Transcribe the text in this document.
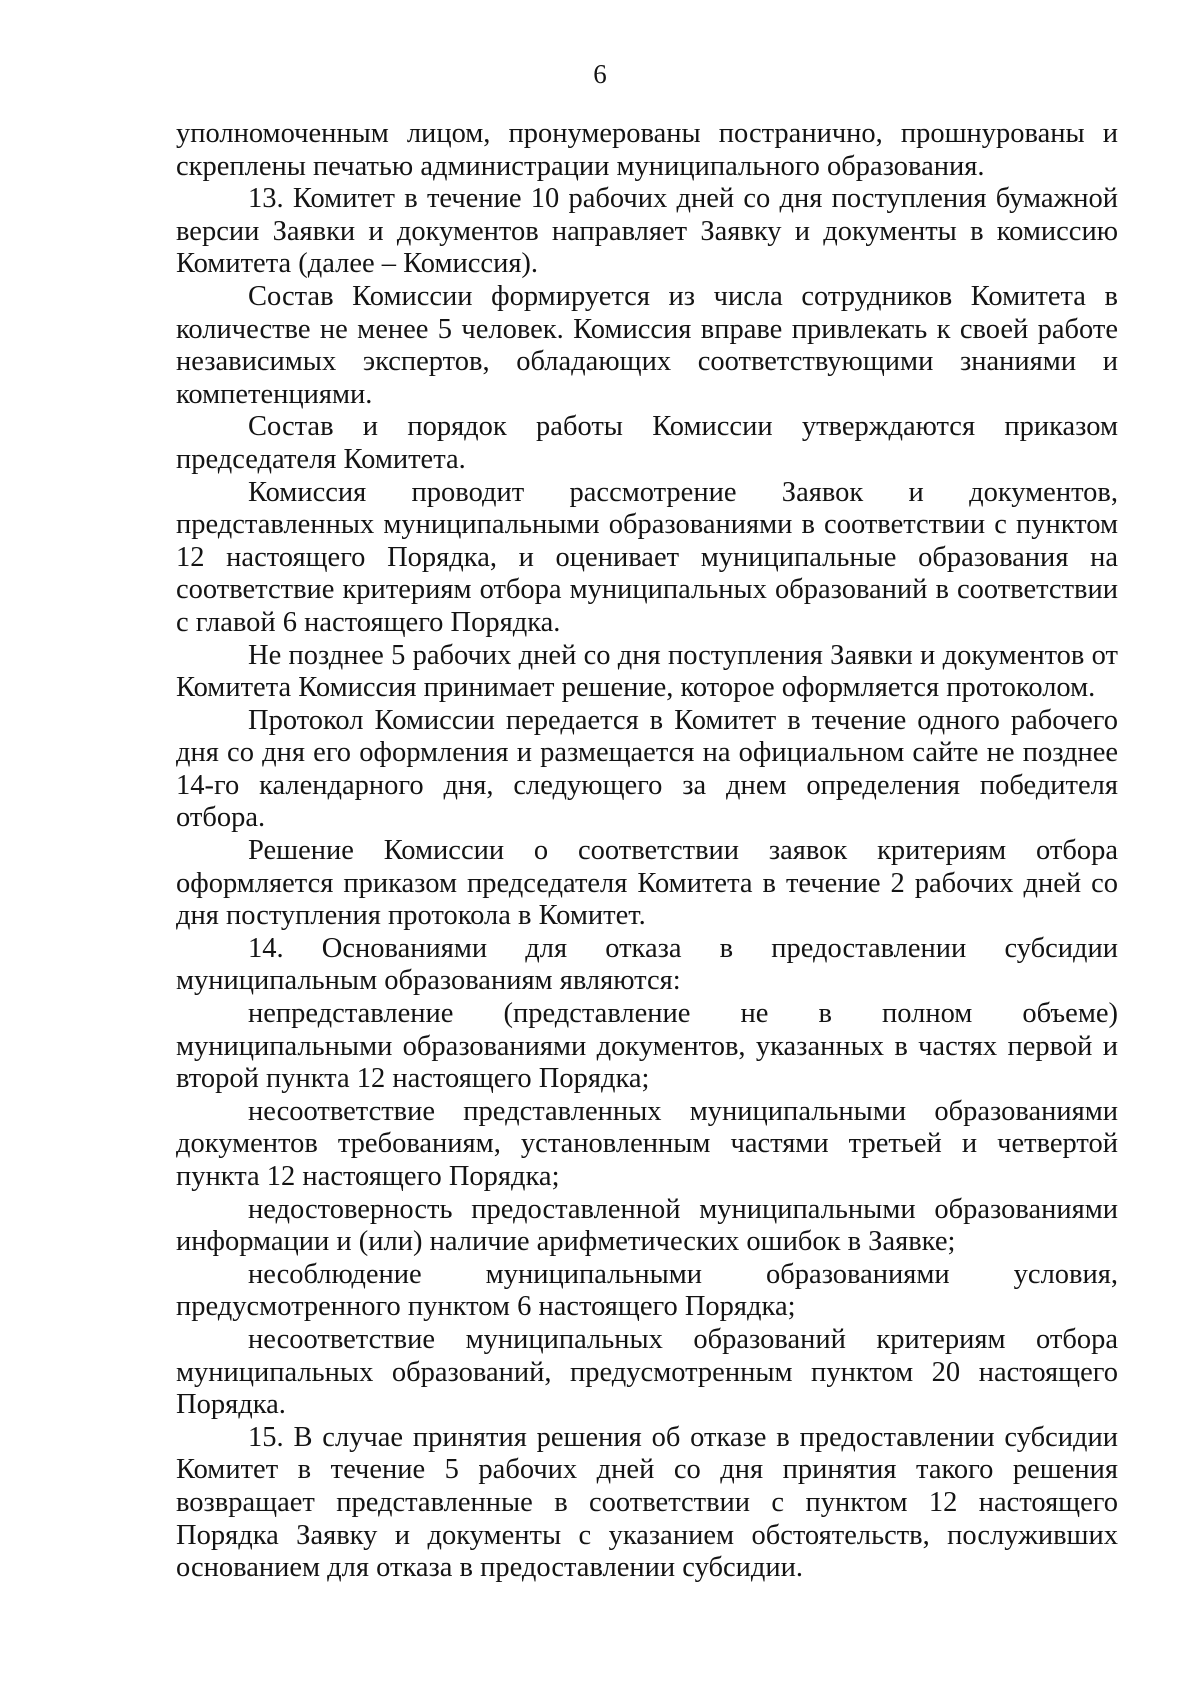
6

уполномоченным лицом, пронумерованы постранично, прошнурованы и скреплены печатью администрации муниципального образования.

13. Комитет в течение 10 рабочих дней со дня поступления бумажной версии Заявки и документов направляет Заявку и документы в комиссию Комитета (далее – Комиссия).

Состав Комиссии формируется из числа сотрудников Комитета в количестве не менее 5 человек. Комиссия вправе привлекать к своей работе независимых экспертов, обладающих соответствующими знаниями и компетенциями.

Состав и порядок работы Комиссии утверждаются приказом председателя Комитета.

Комиссия проводит рассмотрение Заявок и документов, представленных муниципальными образованиями в соответствии с пунктом 12 настоящего Порядка, и оценивает муниципальные образования на соответствие критериям отбора муниципальных образований в соответствии с главой 6 настоящего Порядка.

Не позднее 5 рабочих дней со дня поступления Заявки и документов от Комитета Комиссия принимает решение, которое оформляется протоколом.

Протокол Комиссии передается в Комитет в течение одного рабочего дня со дня его оформления и размещается на официальном сайте не позднее 14-го календарного дня, следующего за днем определения победителя отбора.

Решение Комиссии о соответствии заявок критериям отбора оформляется приказом председателя Комитета в течение 2 рабочих дней со дня поступления протокола в Комитет.

14. Основаниями для отказа в предоставлении субсидии муниципальным образованиям являются:

непредставление (представление не в полном объеме) муниципальными образованиями документов, указанных в частях первой и второй пункта 12 настоящего Порядка;

несоответствие представленных муниципальными образованиями документов требованиям, установленным частями третьей и четвертой пункта 12 настоящего Порядка;

недостоверность предоставленной муниципальными образованиями информации и (или) наличие арифметических ошибок в Заявке;

несоблюдение муниципальными образованиями условия, предусмотренного пунктом 6 настоящего Порядка;

несоответствие муниципальных образований критериям отбора муниципальных образований, предусмотренным пунктом 20 настоящего Порядка.

15. В случае принятия решения об отказе в предоставлении субсидии Комитет в течение 5 рабочих дней со дня принятия такого решения возвращает представленные в соответствии с пунктом 12 настоящего Порядка Заявку и документы с указанием обстоятельств, послуживших основанием для отказа в предоставлении субсидии.
